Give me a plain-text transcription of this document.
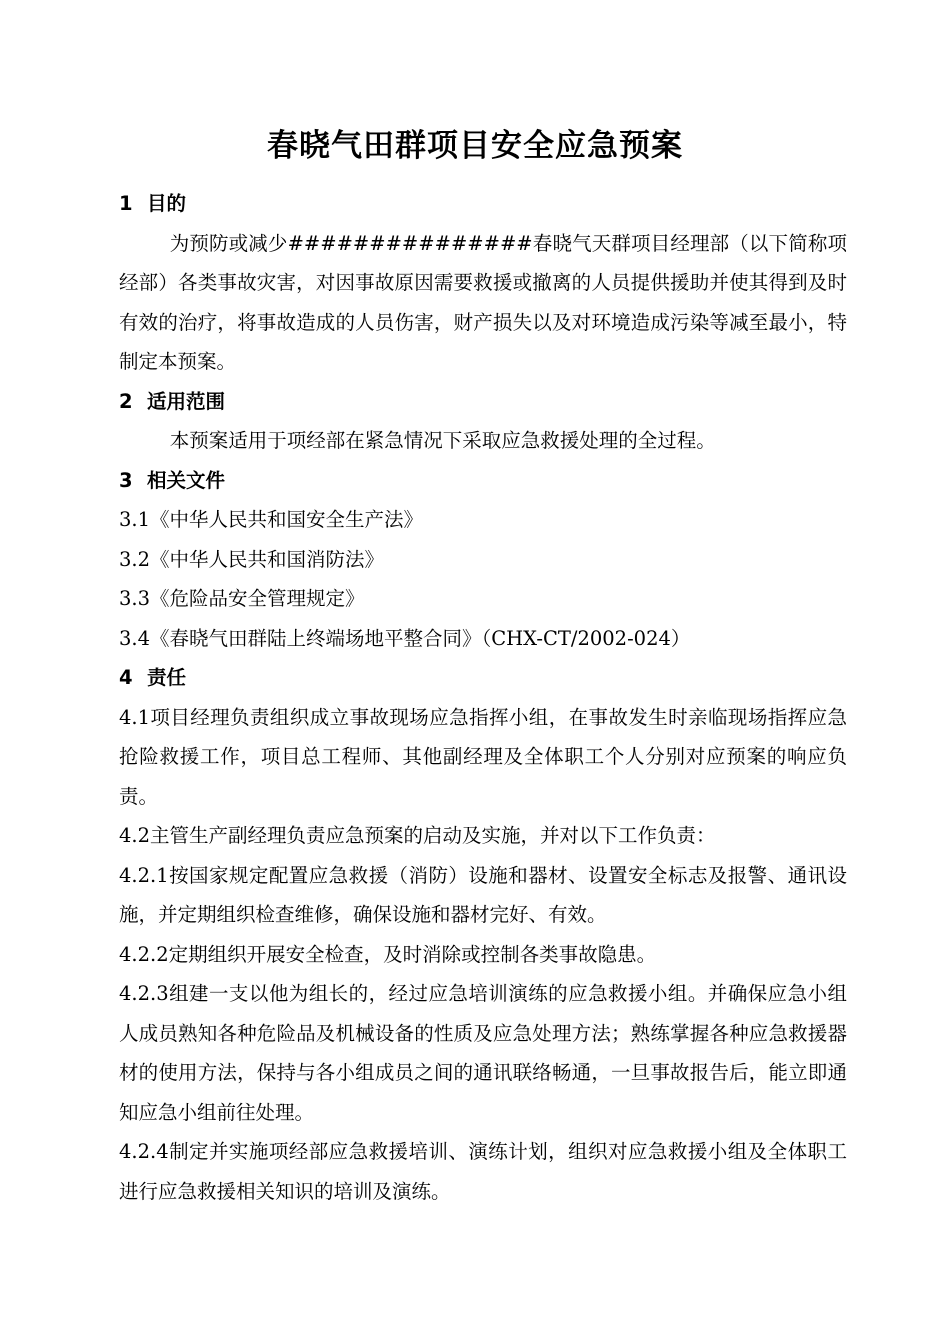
春晓气田群项目安全应急预案

1 目的

为预防或减少###############春晓气天群项目经理部（以下简称项经部）各类事故灾害，对因事故原因需要救援或撤离的人员提供援助并使其得到及时有效的治疗，将事故造成的人员伤害，财产损失以及对环境造成污染等减至最小，特制定本预案。

2 适用范围

本预案适用于项经部在紧急情况下采取应急救援处理的全过程。

3 相关文件

3.1《中华人民共和国安全生产法》

3.2《中华人民共和国消防法》

3.3《危险品安全管理规定》

3.4《春晓气田群陆上终端场地平整合同》（CHX-CT/2002-024）

4 责任

4.1项目经理负责组织成立事故现场应急指挥小组，在事故发生时亲临现场指挥应急抢险救援工作，项目总工程师、其他副经理及全体职工个人分别对应预案的响应负责。

4.2主管生产副经理负责应急预案的启动及实施，并对以下工作负责：

4.2.1按国家规定配置应急救援（消防）设施和器材、设置安全标志及报警、通讯设施，并定期组织检查维修，确保设施和器材完好、有效。

4.2.2定期组织开展安全检查，及时消除或控制各类事故隐患。

4.2.3组建一支以他为组长的，经过应急培训演练的应急救援小组。并确保应急小组人成员熟知各种危险品及机械设备的性质及应急处理方法；熟练掌握各种应急救援器材的使用方法，保持与各小组成员之间的通讯联络畅通，一旦事故报告后，能立即通知应急小组前往处理。

4.2.4制定并实施项经部应急救援培训、演练计划，组织对应急救援小组及全体职工进行应急救援相关知识的培训及演练。
